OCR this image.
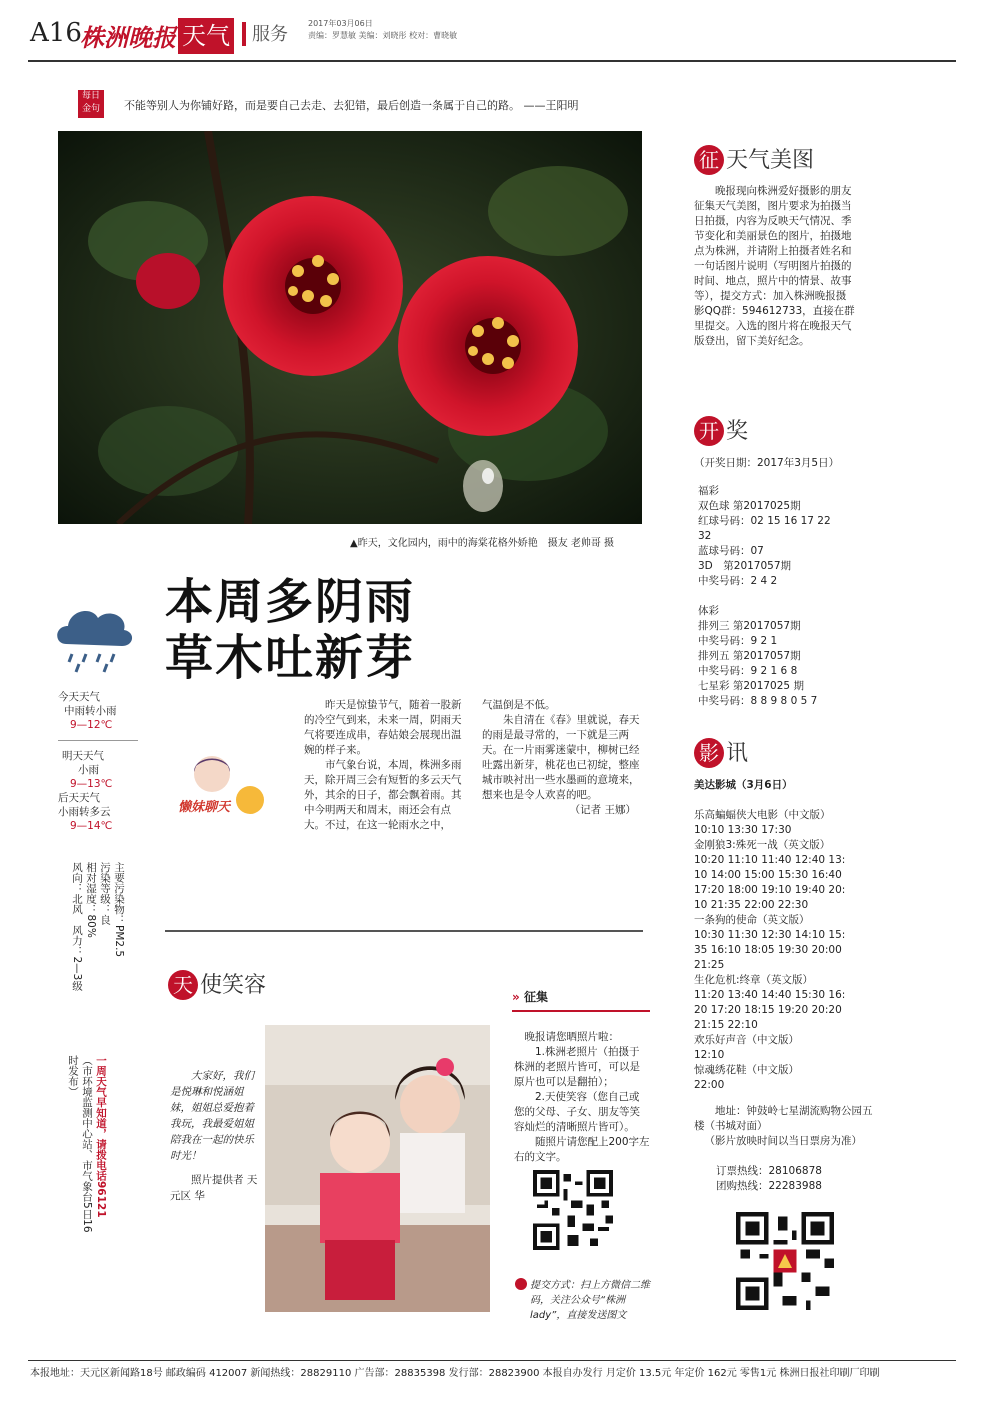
A16
株洲晚报 天气 服务
2017年03月06日
责编：罗慧敏 美编：刘晓彤 校对：曹晓敏
每日金句	不能等别人为你铺好路，而是要自己去走、去犯错，最后创造一条属于自己的路。 ——王阳明
▲昨天，文化园内，雨中的海棠花格外娇艳　摄友 老帅哥 摄
本周多阴雨
草木吐新芽
今天天气
中雨转小雨
9—12℃
明天天气
小雨
9—13℃
后天天气
小雨转多云
9—14℃
主要污染物：PM2.5
污染等级：良
相对湿度：80%
风向：北风　风力：2—3级
一周天气早知道，请拨电话96121
（市环境监测中心站、市气象台5日16时发布）
懒妹聊天

昨天是惊蛰节气，随着一股新的冷空气到来，未来一周，阴雨天气将要连成串，春姑娘会展现出温婉的样子来。

市气象台说，本周，株洲多雨天，除开周三会有短暂的多云天气外，其余的日子，都会飘着雨。其中今明两天和周末，雨还会有点大。不过，在这一轮雨水之中，

气温倒是不低。

朱自清在《春》里就说，春天的雨是最寻常的，一下就是三两天。在一片雨雾迷蒙中，柳树已经吐露出新芽，桃花也已初绽，整座城市映衬出一些水墨画的意境来，想来也是令人欢喜的吧。

（记者 王娜）

天 使笑容
大家好，我们是悦琳和悦涵姐妹，姐姐总爱抱着我玩，我最爱姐姐陪我在一起的快乐时光！
照片提供者 天元区 华
» 征集
晚报请您晒照片啦：
1.株洲老照片（拍摄于株洲的老照片皆可，可以是原片也可以是翻拍）；
2.天使笑容（您自己或您的父母、子女、朋友等笑容灿烂的清晰照片皆可）。
随照片请您配上200字左右的文字。
提交方式：扫上方微信二维码，关注公众号“株洲lady”，直接发送图文
征 天气美图
晚报现向株洲爱好摄影的朋友征集天气美图，图片要求为拍摄当日拍摄，内容为反映天气情况、季节变化和美丽景色的图片，拍摄地点为株洲，并请附上拍摄者姓名和一句话图片说明（写明图片拍摄的时间、地点，照片中的情景、故事等），提交方式：加入株洲晚报摄影QQ群：594612733，直接在群里提交。入选的图片将在晚报天气版登出，留下美好纪念。
开 奖
（开奖日期：2017年3月5日）
福彩
双色球 第2017025期
红球号码：02 15 16 17 22
32
蓝球号码：07
3D　第2017057期
中奖号码：2 4 2

体彩
排列三 第2017057期
中奖号码：9 2 1
排列五 第2017057期
中奖号码：9 2 1 6 8
七星彩 第2017025 期
中奖号码：8 8 9 8 0 5 7
影 讯
美达影城（3月6日）
乐高蝙蝠侠大电影（中文版）
10:10 13:30 17:30
金刚狼3:殊死一战（英文版）
10:20 11:10 11:40 12:40 13:
10 14:00 15:00 15:30 16:40
17:20 18:00 19:10 19:40 20:
10 21:35 22:00 22:30
一条狗的使命（英文版）
10:30 11:30 12:30 14:10 15:
35 16:10 18:05 19:30 20:00
21:25
生化危机:终章（英文版）
11:20 13:40 14:40 15:30 16:
20 17:20 18:15 19:20 20:20
21:15 22:10
欢乐好声音（中文版）
12:10
惊魂绣花鞋（中文版）
22:00
地址：钟鼓岭七星湖流购物公园五楼（书城对面）
（影片放映时间以当日票房为准）
订票热线：28106878
团购热线：22283988
本报地址：天元区新闻路18号 邮政编码 412007 新闻热线：28829110 广告部：28835398 发行部：28823900 本报自办发行 月定价 13.5元 年定价 162元 零售1元 株洲日报社印刷厂印刷
